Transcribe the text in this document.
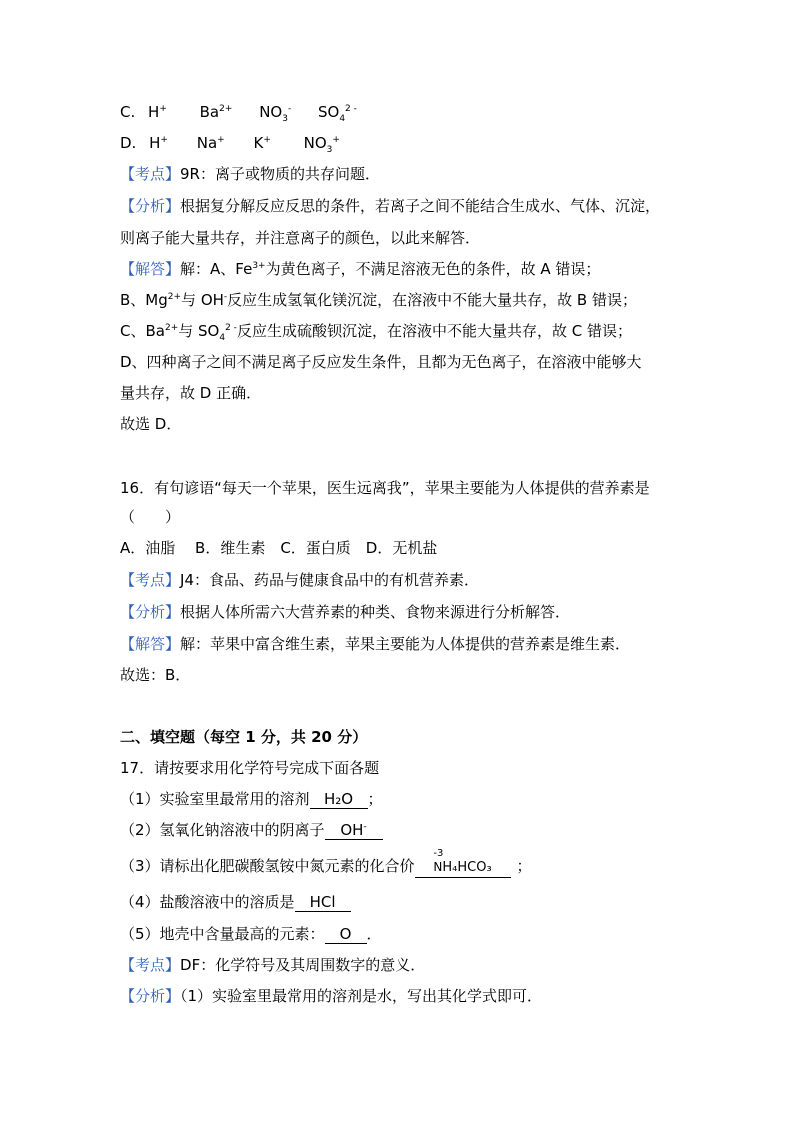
C. H+ $Ba^{2+}$ $NO_3^-$ $SO_4^{2 -}$
D. H+ Na+ K+ $NO_3^+$
【考点】9R：离子或物质的共存问题．
【分析】根据复分解反应反思的条件，若离子之间不能结合生成水、气体、沉淀，
则离子能大量共存，并注意离子的颜色，以此来解答．
【解答】解：A、$Fe^{3+}$为黄色离子，不满足溶液无色的条件，故 A 错误；
B、$Mg^{2+}$与 OH-反应生成氢氧化镁沉淀，在溶液中不能大量共存，故 B 错误；
C、$Ba^{2+}$与 $SO_4^{2 -}$反应生成硫酸钡沉淀，在溶液中不能大量共存，故 C 错误；
D、四种离子之间不满足离子反应发生条件，且都为无色离子，在溶液中能够大
量共存，故 D 正确．
故选 D．
16．有句谚语“每天一个苹果，医生远离我”，苹果主要能为人体提供的营养素是
（　　）
A．油脂　 B．维生素　C．蛋白质　D．无机盐
【考点】J4：食品、药品与健康食品中的有机营养素．
【分析】根据人体所需六大营养素的种类、食物来源进行分析解答．
【解答】解：苹果中富含维生素，苹果主要能为人体提供的营养素是维生素．
故选：B．
二、填空题（每空 1 分，共 20 分）
17．请按要求用化学符号完成下面各题
（1）实验室里最常用的溶剂 H₂O ；
（2）氢氧化钠溶液中的阴离子 OH-
（3）请标出化肥碳酸氢铵中氮元素的化合价
-3
NH₄HCO₃ ；
（4）盐酸溶液中的溶质是 HCl
（5）地壳中含量最高的元素： O ．
【考点】DF：化学符号及其周围数字的意义．
【分析】（1）实验室里最常用的溶剂是水，写出其化学式即可．
